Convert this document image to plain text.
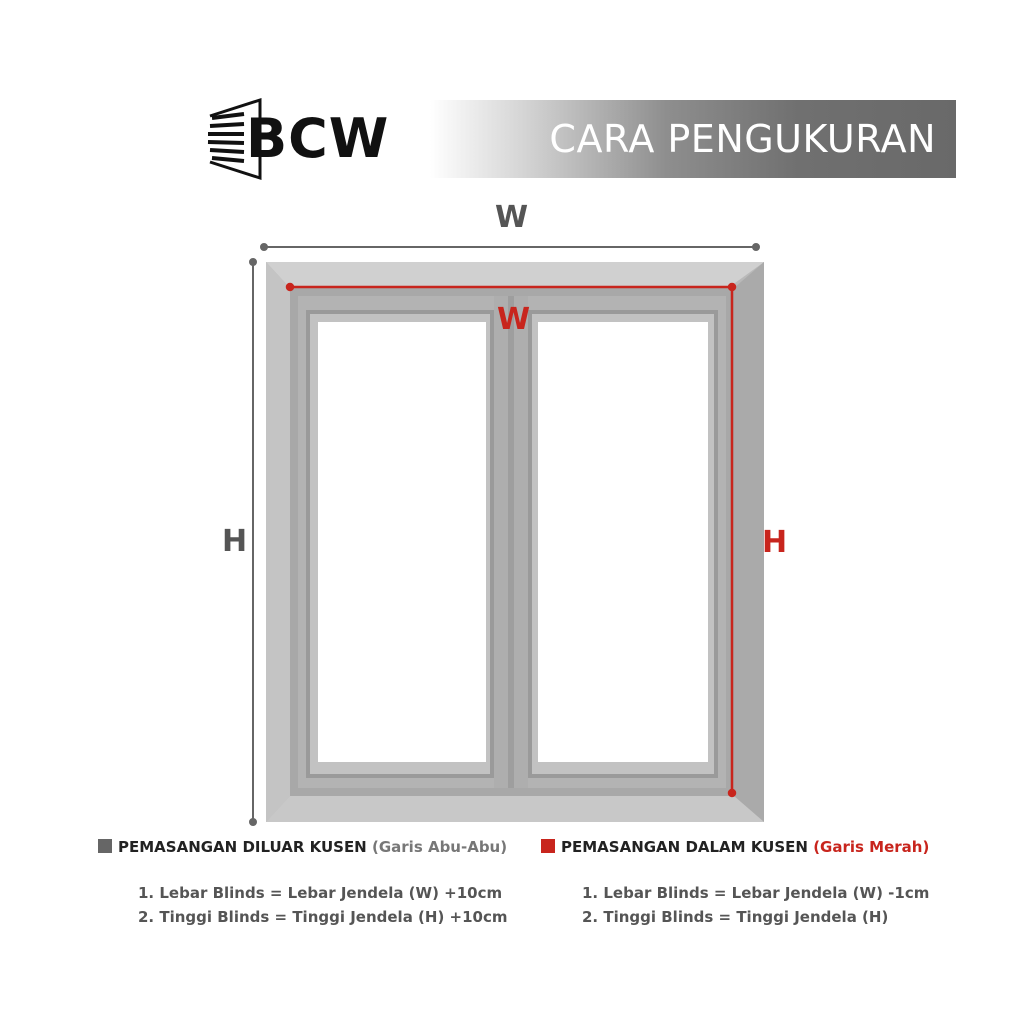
BCW	CARA PENGUKURAN
W
H
W
H
PEMASANGAN DILUAR KUSEN (Garis Abu-Abu)
1. Lebar Blinds = Lebar Jendela (W) +10cm
2. Tinggi Blinds = Tinggi Jendela (H) +10cm
PEMASANGAN DALAM KUSEN (Garis Merah)
1. Lebar Blinds = Lebar Jendela (W) -1cm
2. Tinggi Blinds = Tinggi Jendela (H)
